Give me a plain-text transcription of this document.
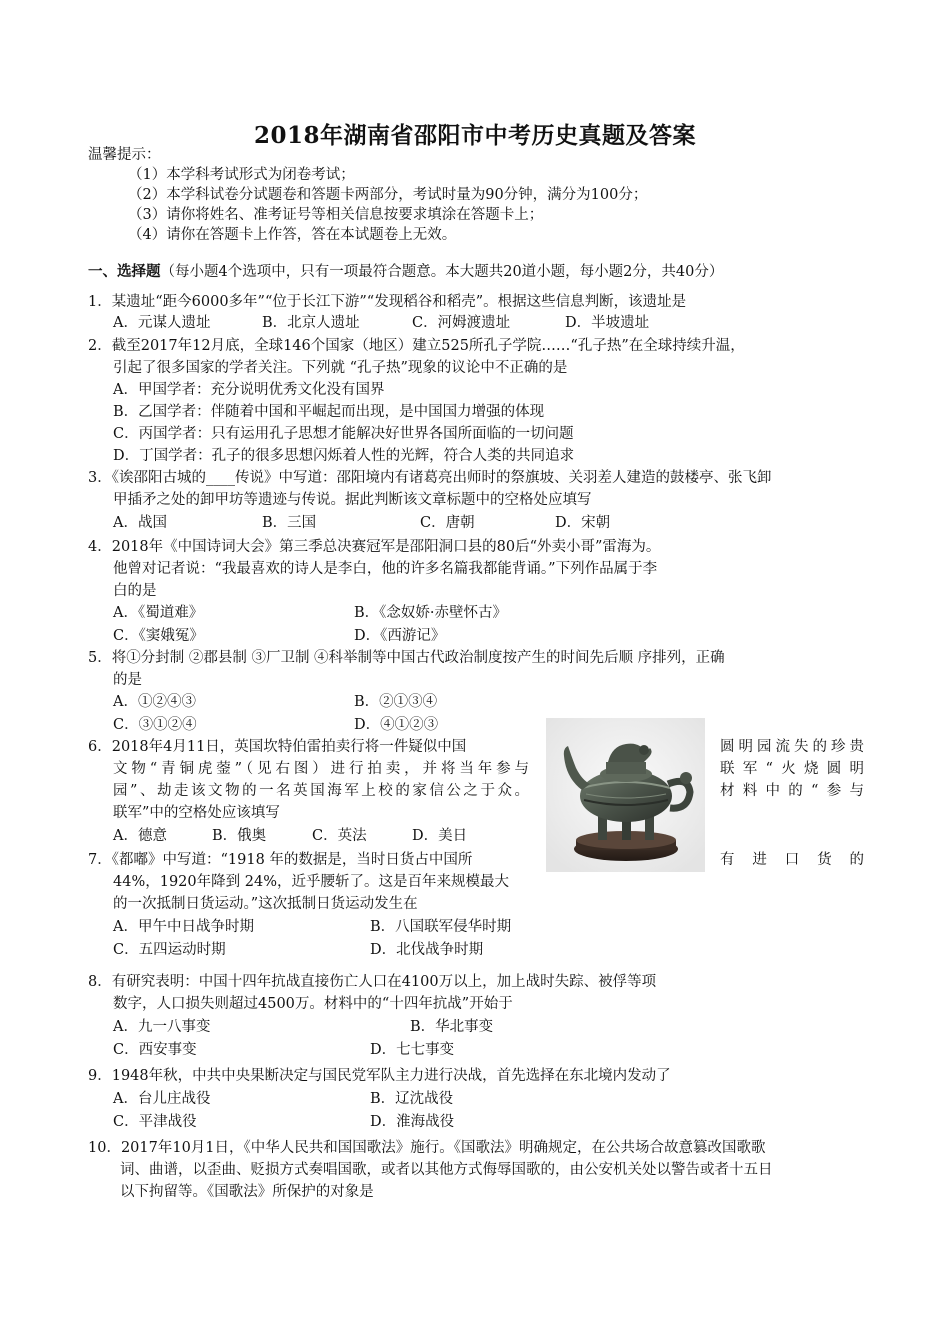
2018年湖南省邵阳市中考历史真题及答案
温馨提示：
（1）本学科考试形式为闭卷考试；
（2）本学科试卷分试题卷和答题卡两部分，考试时量为90分钟，满分为100分；
（3）请你将姓名、准考证号等相关信息按要求填涂在答题卡上；
（4）请你在答题卡上作答，答在本试题卷上无效。
一、选择题（每小题4个选项中，只有一项最符合题意。本大题共20道小题，每小题2分，共40分）
1．某遗址“距今6000多年”“位于长江下游”“发现稻谷和稻壳”。根据这些信息判断，该遗址是
A．元谋人遗址	B．北京人遗址	C．河姆渡遗址	D．半坡遗址
2．截至2017年12月底，全球146个国家（地区）建立525所孔子学院……“孔子热”在全球持续升温，
引起了很多国家的学者关注。下列就 “孔子热”现象的议论中不正确的是
A．甲国学者：充分说明优秀文化没有国界
B．乙国学者：伴随着中国和平崛起而出现，是中国国力增强的体现
C．丙国学者：只有运用孔子思想才能解决好世界各国所面临的一切问题
D．丁国学者：孔子的很多思想闪烁着人性的光辉，符合人类的共同追求
3．《诶邵阳古城的____传说》中写道：邵阳境内有诸葛亮出师时的祭旗坡、关羽差人建造的鼓楼亭、张飞卸
甲插矛之处的卸甲坊等遗迹与传说。据此判断该文章标题中的空格处应填写
A．战国	B．三国	C．唐朝	D．宋朝
4．2018年《中国诗词大会》第三季总决赛冠军是邵阳洞口县的80后“外卖小哥”雷海为。
他曾对记者说：“我最喜欢的诗人是李白，他的许多名篇我都能背诵。”下列作品属于李
白的是
A．《蜀道难》	B．《念奴娇·赤壁怀古》
C．《窦娥冤》	D．《西游记》
5．将①分封制 ②郡县制 ③厂卫制 ④科举制等中国古代政治制度按产生的时间先后顺 序排列，正确
的是
A．①②④③	B．②①③④
C．③①②④	D．④①②③
6．2018年4月11日，英国坎特伯雷拍卖行将一件疑似中国	圆明园流失的珍贵
文物“青铜虎蓥”（见右图）进行拍卖，并将当年参与	联军“火烧圆明
园”、劫走该文物的一名英国海军上校的家信公之于众。	材料中的“参与
联军”中的空格处应该填写
A．德意	B．俄奥	C．英法	D．美日
7．《都嘟》中写道：“1918 年的数据是，当时日货占中国所	有进口货的
44%，1920年降到 24%，近乎腰斩了。这是百年来规模最大
的一次抵制日货运动。”这次抵制日货运动发生在
A．甲午中日战争时期	B．八国联军侵华时期
C．五四运动时期	D．北伐战争时期
8．有研究表明：中国十四年抗战直接伤亡人口在4100万以上，加上战时失踪、被俘等项
数字，人口损失则超过4500万。材料中的“十四年抗战”开始于
A．九一八事变	B．华北事变
C．西安事变	D．七七事变
9．1948年秋，中共中央果断决定与国民党军队主力进行决战，首先选择在东北境内发动了
A．台儿庄战役	B．辽沈战役
C．平津战役	D．淮海战役
10．2017年10月1日，《中华人民共和国国歌法》施行。《国歌法》明确规定，在公共场合故意篡改国歌歌
词、曲谱，以歪曲、贬损方式奏唱国歌，或者以其他方式侮辱国歌的，由公安机关处以警告或者十五日
以下拘留等。《国歌法》所保护的对象是
